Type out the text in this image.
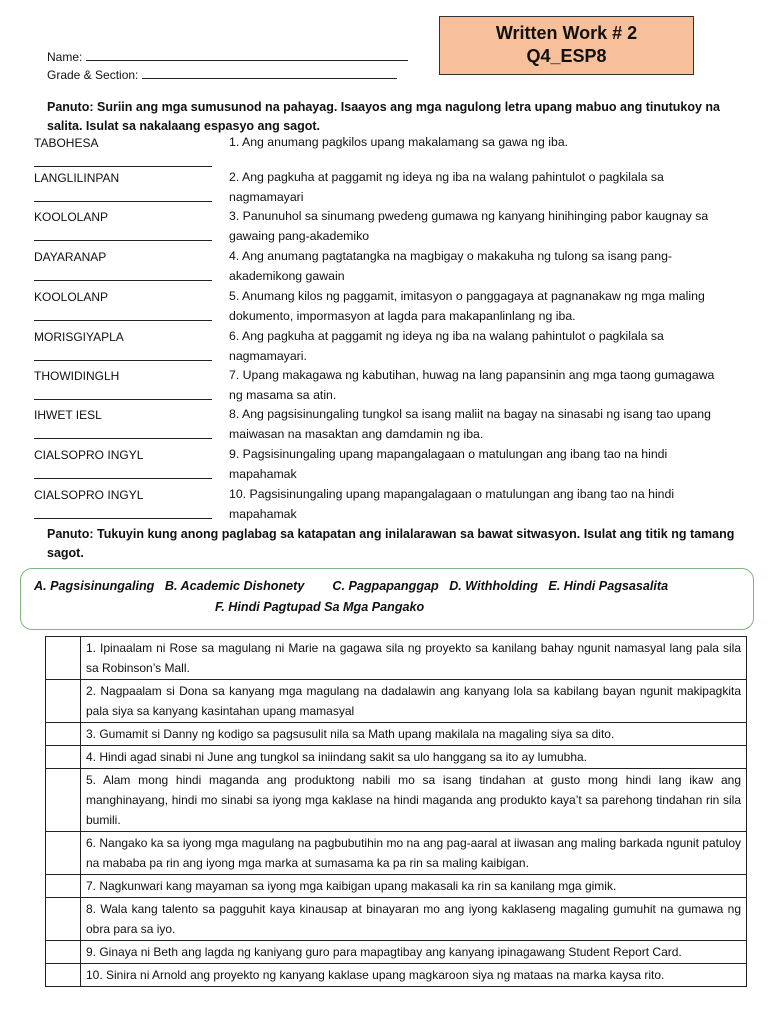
Written Work # 2
Q4_ESP8
Name:
Grade & Section:
Panuto: Suriin ang mga sumusunod na pahayag. Isaayos ang mga nagulong letra upang mabuo ang tinutukoy na salita. Isulat sa nakalaang espasyo ang sagot.
TABOHESA	1. Ang anumang pagkilos upang makalamang sa gawa ng iba.
LANGLILINPAN	2. Ang pagkuha at paggamit ng ideya ng iba na walang pahintulot o pagkilala sa nagmamayari
KOOLOLANP	3. Panunuhol sa sinumang pwedeng gumawa ng kanyang hinihinging pabor kaugnay sa gawaing pang-akademiko
DAYARANAP	4. Ang anumang pagtatangka na magbigay o makakuha ng tulong sa isang pang-akademikong gawain
KOOLOLANP	5. Anumang kilos ng paggamit, imitasyon o panggagaya at pagnanakaw ng mga maling dokumento, impormasyon at lagda para makapanlinlang ng iba.
MORISGIYAPLA	6. Ang pagkuha at paggamit ng ideya ng iba na walang pahintulot o pagkilala sa nagmamayari.
THOWIDINGLH	7. Upang makagawa ng kabutihan, huwag na lang papansinin ang mga taong gumagawa ng masama sa atin.
IHWET IESL	8. Ang pagsisinungaling tungkol sa isang maliit na bagay na sinasabi ng isang tao upang maiwasan na masaktan ang damdamin ng iba.
CIALSOPRO INGYL	9. Pagsisinungaling upang mapangalagaan o matulungan ang ibang tao na hindi mapahamak
CIALSOPRO INGYL	10. Pagsisinungaling upang mapangalagaan o matulungan ang ibang tao na hindi mapahamak
Panuto: Tukuyin kung anong paglabag sa katapatan ang inilalarawan sa bawat sitwasyon. Isulat ang titik ng tamang sagot.
A. Pagsisinungaling   B. Academic Dishonety        C. Pagpapanggap   D. Withholding   E. Hindi Pagsasalita
F. Hindi Pagtupad Sa Mga Pangako
	1. Ipinaalam ni Rose sa magulang ni Marie na gagawa sila ng proyekto sa kanilang bahay ngunit namasyal lang pala sila sa Robinson’s Mall.
	2. Nagpaalam si Dona sa kanyang mga magulang na dadalawin ang kanyang lola sa kabilang bayan ngunit makipagkita pala siya sa kanyang kasintahan upang mamasyal
	3. Gumamit si Danny ng kodigo sa pagsusulit nila sa Math upang makilala na magaling siya sa dito.
	4. Hindi agad sinabi ni June ang tungkol sa iniindang sakit sa ulo hanggang sa ito ay lumubha.
	5. Alam mong hindi maganda ang produktong nabili mo sa isang tindahan at gusto mong hindi lang ikaw ang manghinayang, hindi mo sinabi sa iyong mga kaklase na hindi maganda ang produkto kaya’t sa parehong tindahan rin sila bumili.
	6. Nangako ka sa iyong mga magulang na pagbubutihin mo na ang pag-aaral at iiwasan ang maling barkada ngunit patuloy na mababa pa rin ang iyong mga marka at sumasama ka pa rin sa maling kaibigan.
	7. Nagkunwari kang mayaman sa iyong mga kaibigan upang makasali ka rin sa kanilang mga gimik.
	8. Wala kang talento sa pagguhit kaya kinausap at binayaran mo ang iyong kaklaseng magaling gumuhit na gumawa ng obra para sa iyo.
	9. Ginaya ni Beth ang lagda ng kaniyang guro para mapagtibay ang kanyang ipinagawang Student Report Card.
	10. Sinira ni Arnold ang proyekto ng kanyang kaklase upang magkaroon siya ng mataas na marka kaysa rito.
